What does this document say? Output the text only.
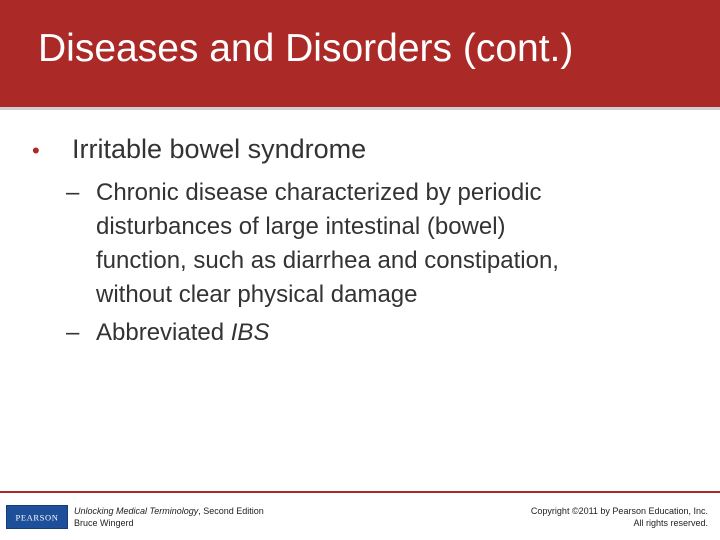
Diseases and Disorders (cont.)
•	Irritable bowel syndrome
– Chronic disease characterized by periodic
disturbances of large intestinal (bowel)
function, such as diarrhea and constipation,
without clear physical damage
– Abbreviated IBS
PEARSON
Unlocking Medical Terminology, Second Edition
Bruce Wingerd
Copyright ©2011 by Pearson Education, Inc.
All rights reserved.
